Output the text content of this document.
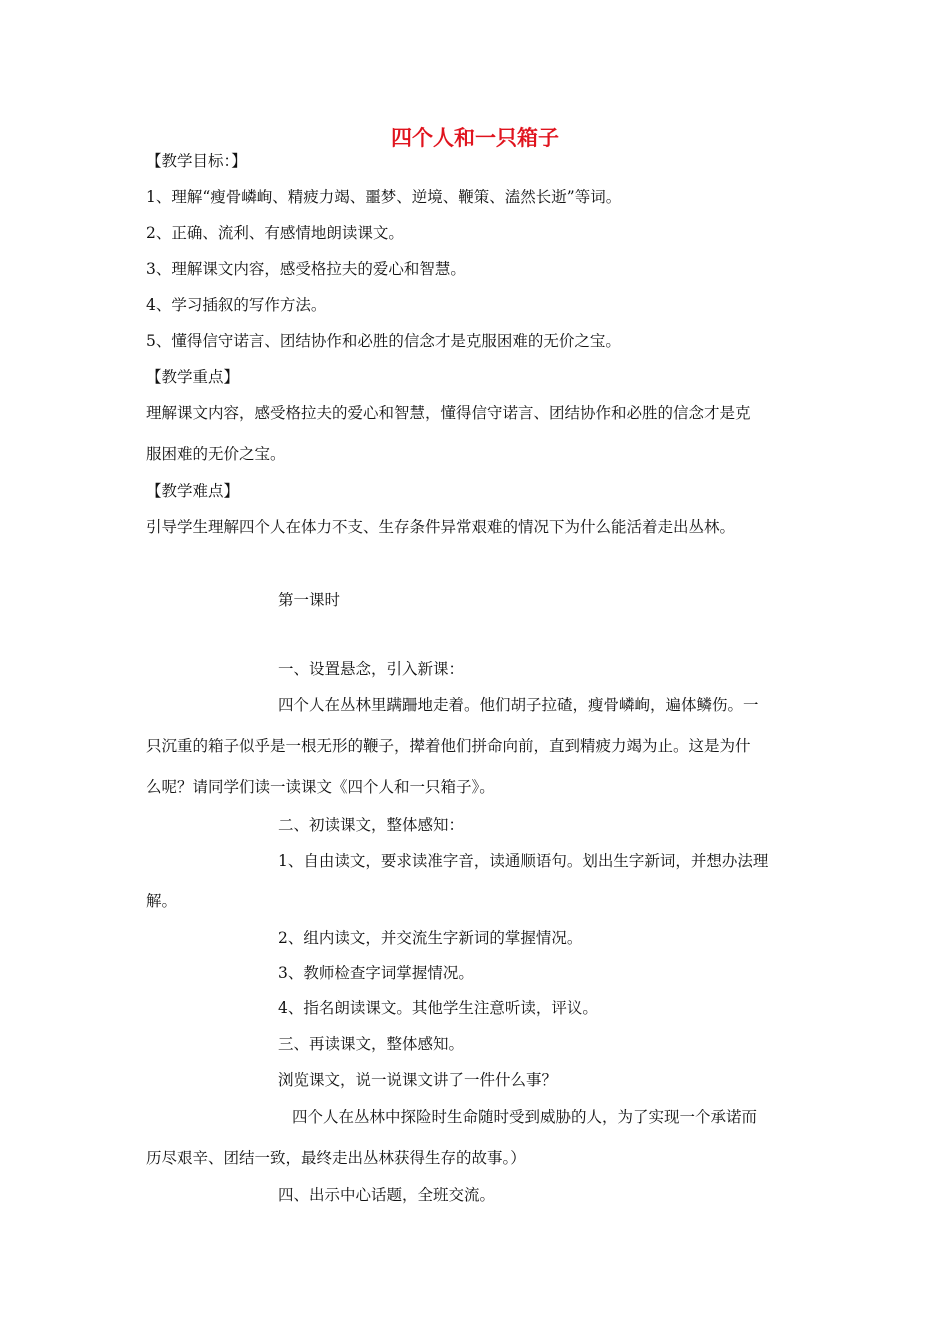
四个人和一只箱子
【教学目标：】
1、理解“瘦骨嶙峋、精疲力竭、噩梦、逆境、鞭策、溘然长逝”等词。
2、正确、流利、有感情地朗读课文。
3、理解课文内容，感受格拉夫的爱心和智慧。
4、学习插叙的写作方法。
5、懂得信守诺言、团结协作和必胜的信念才是克服困难的无价之宝。
【教学重点】
理解课文内容，感受格拉夫的爱心和智慧，懂得信守诺言、团结协作和必胜的信念才是克
服困难的无价之宝。
【教学难点】
引导学生理解四个人在体力不支、生存条件异常艰难的情况下为什么能活着走出丛林。
第一课时
一、设置悬念，引入新课：
四个人在丛林里蹒跚地走着。他们胡子拉碴，瘦骨嶙峋，遍体鳞伤。一
只沉重的箱子似乎是一根无形的鞭子，撵着他们拼命向前，直到精疲力竭为止。这是为什
么呢？请同学们读一读课文《四个人和一只箱子》。
二、初读课文，整体感知：
1、自由读文，要求读准字音，读通顺语句。划出生字新词，并想办法理
解。
2、组内读文，并交流生字新词的掌握情况。
3、教师检查字词掌握情况。
4、指名朗读课文。其他学生注意听读，评议。
三、再读课文，整体感知。
浏览课文，说一说课文讲了一件什么事？
四个人在丛林中探险时生命随时受到威胁的人，为了实现一个承诺而
历尽艰辛、团结一致，最终走出丛林获得生存的故事。）
四、出示中心话题，全班交流。
